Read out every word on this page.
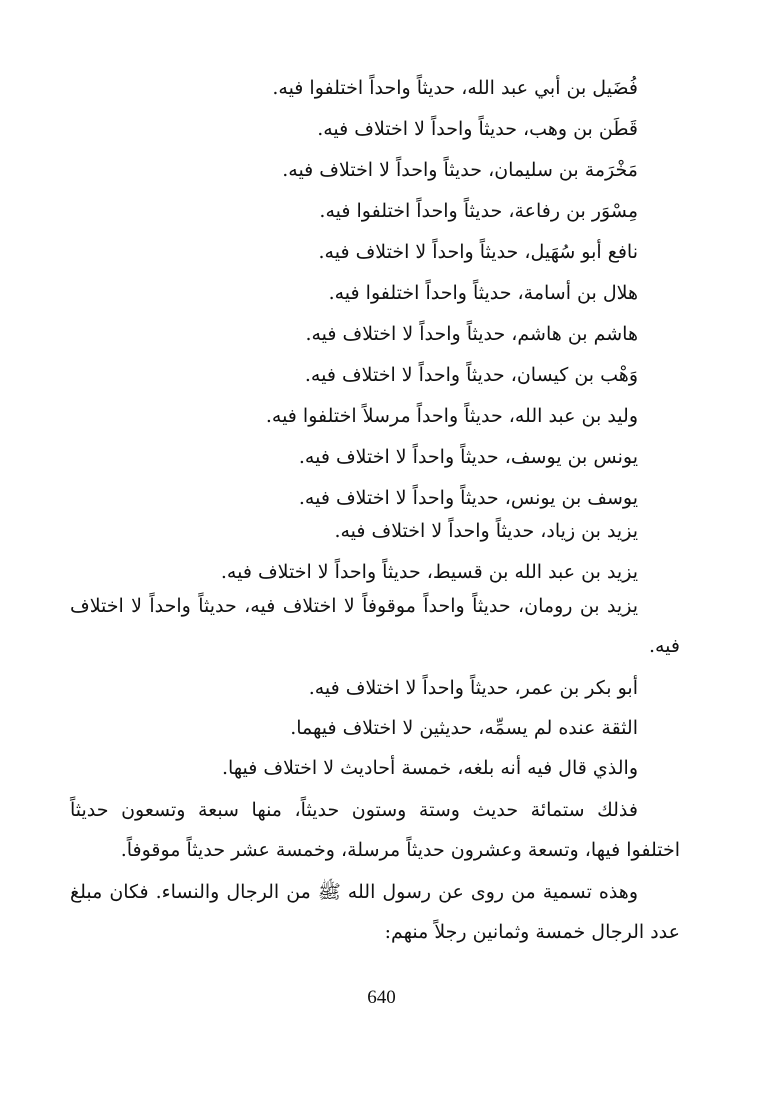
فُضَيل بن أبي عبد الله، حديثاً واحداً اختلفوا فيه.

قَطَن بن وهب، حديثاً واحداً لا اختلاف فيه.

مَخْرَمة بن سليمان، حديثاً واحداً لا اختلاف فيه.

مِسْوَر بن رفاعة، حديثاً واحداً اختلفوا فيه.

نافع أبو سُهَيل، حديثاً واحداً لا اختلاف فيه.

هلال بن أسامة، حديثاً واحداً اختلفوا فيه.

هاشم بن هاشم، حديثاً واحداً لا اختلاف فيه.

وَهْب بن كيسان، حديثاً واحداً لا اختلاف فيه.

وليد بن عبد الله، حديثاً واحداً مرسلاً اختلفوا فيه.

يونس بن يوسف، حديثاً واحداً لا اختلاف فيه.

يوسف بن يونس، حديثاً واحداً لا اختلاف فيه.

يزيد بن زياد، حديثاً واحداً لا اختلاف فيه.

يزيد بن عبد الله بن قسيط، حديثاً واحداً لا اختلاف فيه.

يزيد بن رومان، حديثاً واحداً موقوفاً لا اختلاف فيه، حديثاً واحداً لا اختلاف فيه.

أبو بكر بن عمر، حديثاً واحداً لا اختلاف فيه.

الثقة عنده لم يسمِّه، حديثين لا اختلاف فيهما.

والذي قال فيه أنه بلغه، خمسة أحاديث لا اختلاف فيها.

فذلك ستمائة حديث وستة وستون حديثاً، منها سبعة وتسعون حديثاً اختلفوا فيها، وتسعة وعشرون حديثاً مرسلة، وخمسة عشر حديثاً موقوفاً.

وهذه تسمية من روى عن رسول الله ﷺ من الرجال والنساء. فكان مبلغ عدد الرجال خمسة وثمانين رجلاً منهم:

640
